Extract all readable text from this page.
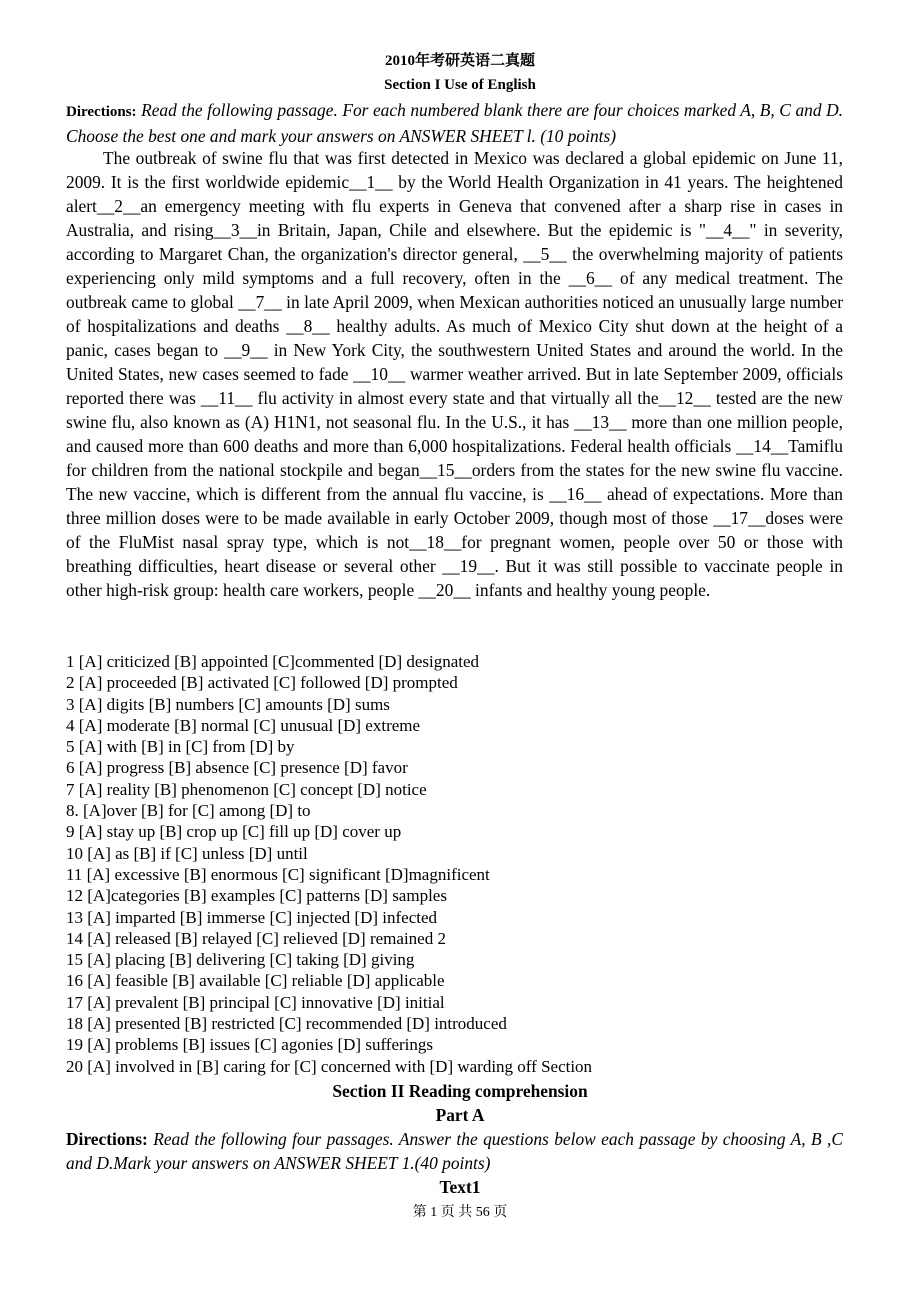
2010年考研英语二真题
Section I Use of English
Directions: Read the following passage. For each numbered blank there are four choices marked A, B, C and D. Choose the best one and mark your answers on ANSWER SHEET l. (10 points)

The outbreak of swine flu that was first detected in Mexico was declared a global epidemic on June 11, 2009. It is the first worldwide epidemic__1__ by the World Health Organization in 41 years. The heightened alert__2__an emergency meeting with flu experts in Geneva that convened after a sharp rise in cases in Australia, and rising__3__in Britain, Japan, Chile and elsewhere. But the epidemic is "__4__" in severity, according to Margaret Chan, the organization's director general, __5__ the overwhelming majority of patients experiencing only mild symptoms and a full recovery, often in the __6__ of any medical treatment. The outbreak came to global __7__ in late April 2009, when Mexican authorities noticed an unusually large number of hospitalizations and deaths __8__ healthy adults. As much of Mexico City shut down at the height of a panic, cases began to __9__ in New York City, the southwestern United States and around the world. In the United States, new cases seemed to fade __10__ warmer weather arrived. But in late September 2009, officials reported there was __11__ flu activity in almost every state and that virtually all the__12__ tested are the new swine flu, also known as (A) H1N1, not seasonal flu. In the U.S., it has __13__ more than one million people, and caused more than 600 deaths and more than 6,000 hospitalizations. Federal health officials __14__Tamiflu for children from the national stockpile and began__15__orders from the states for the new swine flu vaccine. The new vaccine, which is different from the annual flu vaccine, is __16__ ahead of expectations. More than three million doses were to be made available in early October 2009, though most of those __17__doses were of the FluMist nasal spray type, which is not__18__for pregnant women, people over 50 or those with breathing difficulties, heart disease or several other __19__. But it was still possible to vaccinate people in other high-risk group: health care workers, people __20__ infants and healthy young people.

1 [A] criticized [B] appointed [C]commented [D] designated
2 [A] proceeded [B] activated [C] followed [D] prompted
3 [A] digits [B] numbers [C] amounts [D] sums
4 [A] moderate [B] normal [C] unusual [D] extreme
5 [A] with [B] in [C] from [D] by
6 [A] progress [B] absence [C] presence [D] favor
7 [A] reality [B] phenomenon [C] concept [D] notice
8. [A]over [B] for [C] among [D] to
9 [A] stay up [B] crop up [C] fill up [D] cover up
10 [A] as [B] if [C] unless [D] until
11 [A] excessive [B] enormous [C] significant [D]magnificent
12 [A]categories [B] examples [C] patterns [D] samples
13 [A] imparted [B] immerse [C] injected [D] infected
14 [A] released [B] relayed [C] relieved [D] remained 2
15 [A] placing [B] delivering [C] taking [D] giving
16 [A] feasible [B] available [C] reliable [D] applicable
17 [A] prevalent [B] principal [C] innovative [D] initial
18 [A] presented [B] restricted [C] recommended [D] introduced
19 [A] problems [B] issues [C] agonies [D] sufferings
20 [A] involved in [B] caring for [C] concerned with [D] warding off Section
Section II Reading comprehension
Part A
Directions: Read the following four passages. Answer the questions below each passage by choosing A, B ,C and D.Mark your answers on ANSWER SHEET 1.(40 points)
Text1
第 1 页 共 56 页
